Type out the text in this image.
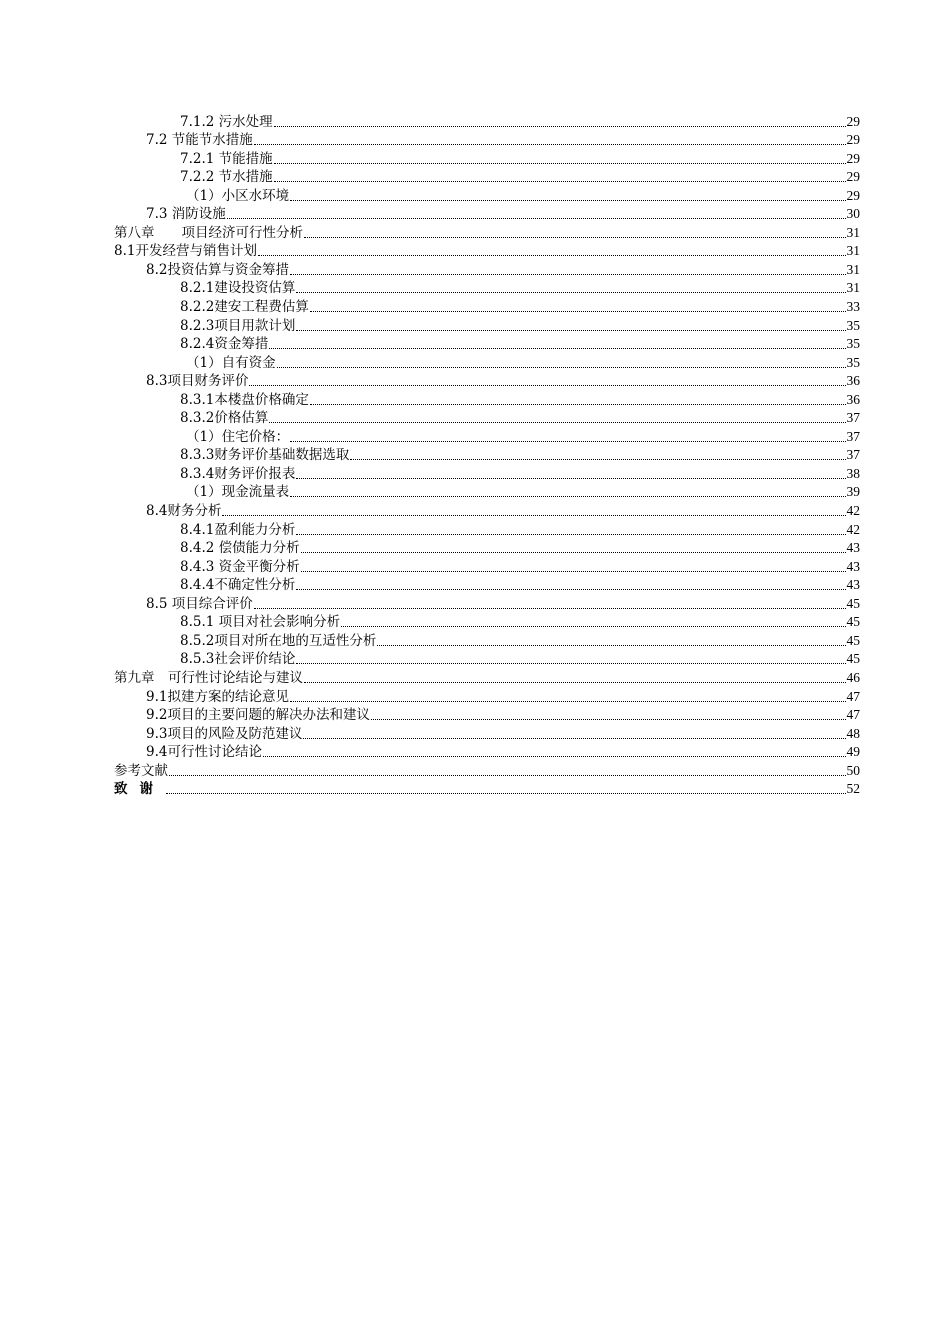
7.1.2 污水处理	29
7.2 节能节水措施	29
7.2.1 节能措施	29
7.2.2 节水措施	29
（1）小区水环境	29
7.3 消防设施	30
第八章　　项目经济可行性分析	31
8.1开发经营与销售计划	31
8.2投资估算与资金筹措	31
8.2.1建设投资估算	31
8.2.2建安工程费估算	33
8.2.3项目用款计划	35
8.2.4资金筹措	35
（1）自有资金	35
8.3项目财务评价	36
8.3.1本楼盘价格确定	36
8.3.2价格估算	37
（1）住宅价格：	37
8.3.3财务评价基础数据选取	37
8.3.4财务评价报表	38
（1）现金流量表	39
8.4财务分析	42
8.4.1盈利能力分析	42
8.4.2 偿债能力分析	43
8.4.3 资金平衡分析	43
8.4.4不确定性分析	43
8.5 项目综合评价	45
8.5.1 项目对社会影响分析	45
8.5.2项目对所在地的互适性分析	45
8.5.3社会评价结论	45
第九章　可行性讨论结论与建议	46
9.1拟建方案的结论意见	47
9.2项目的主要问题的解决办法和建议	47
9.3项目的风险及防范建议	48
9.4可行性讨论结论	49
参考文献	50
致谢	52
